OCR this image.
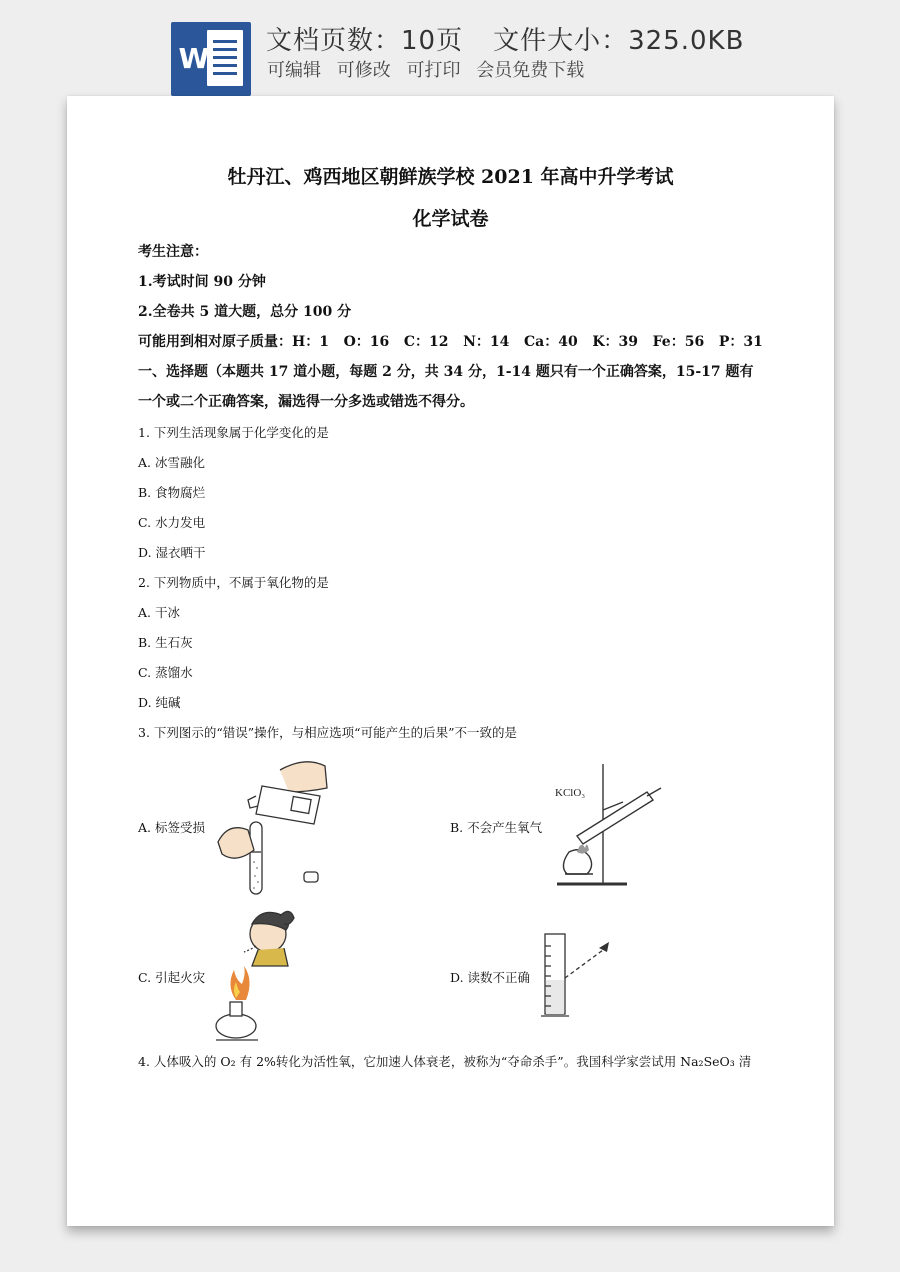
W
文档页数：10页 文件大小：325.0KB
可编辑 可修改 可打印 会员免费下载
牡丹江、鸡西地区朝鲜族学校 2021 年高中升学考试
化学试卷
考生注意：
1.考试时间 90 分钟
2.全卷共 5 道大题，总分 100 分
可能用到相对原子质量：H：1   O：16   C：12   N：14   Ca：40   K：39   Fe：56   P：31
一、选择题（本题共 17 道小题，每题 2 分，共 34 分，1-14 题只有一个正确答案，15-17 题有
一个或二个正确答案，漏选得一分多选或错选不得分。
1. 下列生活现象属于化学变化的是
A. 冰雪融化
B. 食物腐烂
C. 水力发电
D. 湿衣晒干
2. 下列物质中，不属于氧化物的是
A. 干冰
B. 生石灰
C. 蒸馏水
D. 纯碱
3. 下列图示的“错误”操作，与相应选项“可能产生的后果”不一致的是
A. 标签受损	B. 不会产生氧气
C. 引起火灾	D. 读数不正确
KClO₃
4. 人体吸入的 O₂ 有 2%转化为活性氧，它加速人体衰老，被称为“夺命杀手”。我国科学家尝试用 Na₂SeO₃ 清
